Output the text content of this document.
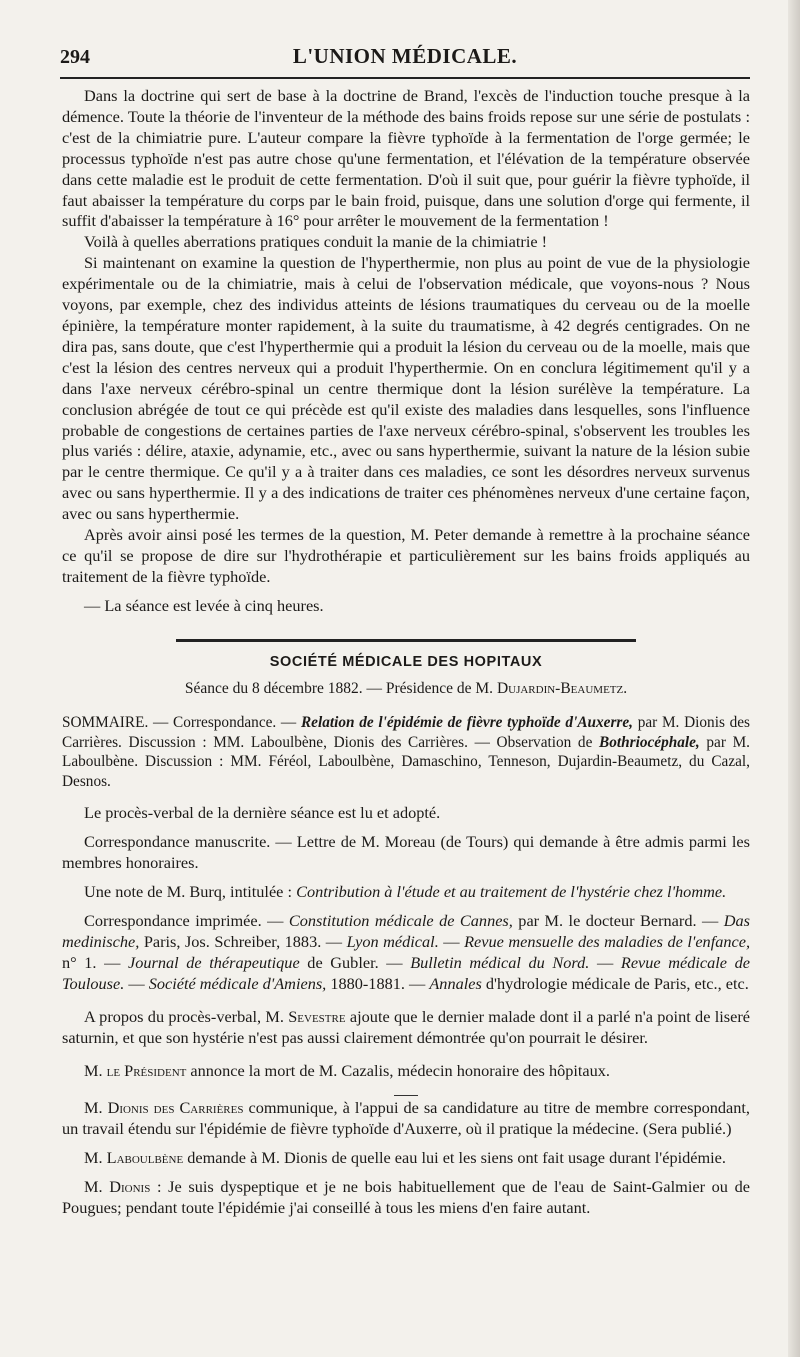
294	L'UNION MÉDICALE.

Dans la doctrine qui sert de base à la doctrine de Brand, l'excès de l'induction touche presque à la démence. Toute la théorie de l'inventeur de la méthode des bains froids repose sur une série de postulats : c'est de la chimiatrie pure. L'auteur compare la fièvre typhoïde à la fermentation de l'orge germée; le processus typhoïde n'est pas autre chose qu'une fermentation, et l'élévation de la température observée dans cette maladie est le produit de cette fermentation. D'où il suit que, pour guérir la fièvre typhoïde, il faut abaisser la température du corps par le bain froid, puisque, dans une solution d'orge qui fermente, il suffit d'abaisser la température à 16° pour arrêter le mouvement de la fermentation !

Voilà à quelles aberrations pratiques conduit la manie de la chimiatrie !

Si maintenant on examine la question de l'hyperthermie, non plus au point de vue de la physiologie expérimentale ou de la chimiatrie, mais à celui de l'observation médicale, que voyons-nous ? Nous voyons, par exemple, chez des individus atteints de lésions traumatiques du cerveau ou de la moelle épinière, la température monter rapidement, à la suite du traumatisme, à 42 degrés centigrades. On ne dira pas, sans doute, que c'est l'hyperthermie qui a produit la lésion du cerveau ou de la moelle, mais que c'est la lésion des centres nerveux qui a produit l'hyperthermie. On en conclura légitimement qu'il y a dans l'axe nerveux cérébro-spinal un centre thermique dont la lésion surélève la température. La conclusion abrégée de tout ce qui précède est qu'il existe des maladies dans lesquelles, sons l'influence probable de congestions de certaines parties de l'axe nerveux cérébro-spinal, s'observent les troubles les plus variés : délire, ataxie, adynamie, etc., avec ou sans hyperthermie, suivant la nature de la lésion subie par le centre thermique. Ce qu'il y a à traiter dans ces maladies, ce sont les désordres nerveux survenus avec ou sans hyperthermie. Il y a des indications de traiter ces phénomènes nerveux d'une certaine façon, avec ou sans hyperthermie.

Après avoir ainsi posé les termes de la question, M. Peter demande à remettre à la prochaine séance ce qu'il se propose de dire sur l'hydrothérapie et particulièrement sur les bains froids appliqués au traitement de la fièvre typhoïde.

— La séance est levée à cinq heures.

SOCIÉTÉ MÉDICALE DES HOPITAUX
Séance du 8 décembre 1882. — Présidence de M. Dujardin-Beaumetz.

SOMMAIRE. — Correspondance. — Relation de l'épidémie de fièvre typhoïde d'Auxerre, par M. Dionis des Carrières. Discussion : MM. Laboulbène, Dionis des Carrières. — Observation de Bothriocéphale, par M. Laboulbène. Discussion : MM. Féréol, Laboulbène, Damaschino, Tenneson, Dujardin-Beaumetz, du Cazal, Desnos.

Le procès-verbal de la dernière séance est lu et adopté.

Correspondance manuscrite. — Lettre de M. Moreau (de Tours) qui demande à être admis parmi les membres honoraires.

Une note de M. Burq, intitulée : Contribution à l'étude et au traitement de l'hystérie chez l'homme.

Correspondance imprimée. — Constitution médicale de Cannes, par M. le docteur Bernard. — Das medinische, Paris, Jos. Schreiber, 1883. — Lyon médical. — Revue mensuelle des maladies de l'enfance, n° 1. — Journal de thérapeutique de Gubler. — Bulletin médical du Nord. — Revue médicale de Toulouse. — Société médicale d'Amiens, 1880-1881. — Annales d'hydrologie médicale de Paris, etc., etc.

A propos du procès-verbal, M. Sevestre ajoute que le dernier malade dont il a parlé n'a point de liseré saturnin, et que son hystérie n'est pas aussi clairement démontrée qu'on pourrait le désirer.

M. le Président annonce la mort de M. Cazalis, médecin honoraire des hôpitaux.

M. Dionis des Carrières communique, à l'appui de sa candidature au titre de membre correspondant, un travail étendu sur l'épidémie de fièvre typhoïde d'Auxerre, où il pratique la médecine. (Sera publié.)

M. Laboulbène demande à M. Dionis de quelle eau lui et les siens ont fait usage durant l'épidémie.

M. Dionis : Je suis dyspeptique et je ne bois habituellement que de l'eau de Saint-Galmier ou de Pougues; pendant toute l'épidémie j'ai conseillé à tous les miens d'en faire autant.
